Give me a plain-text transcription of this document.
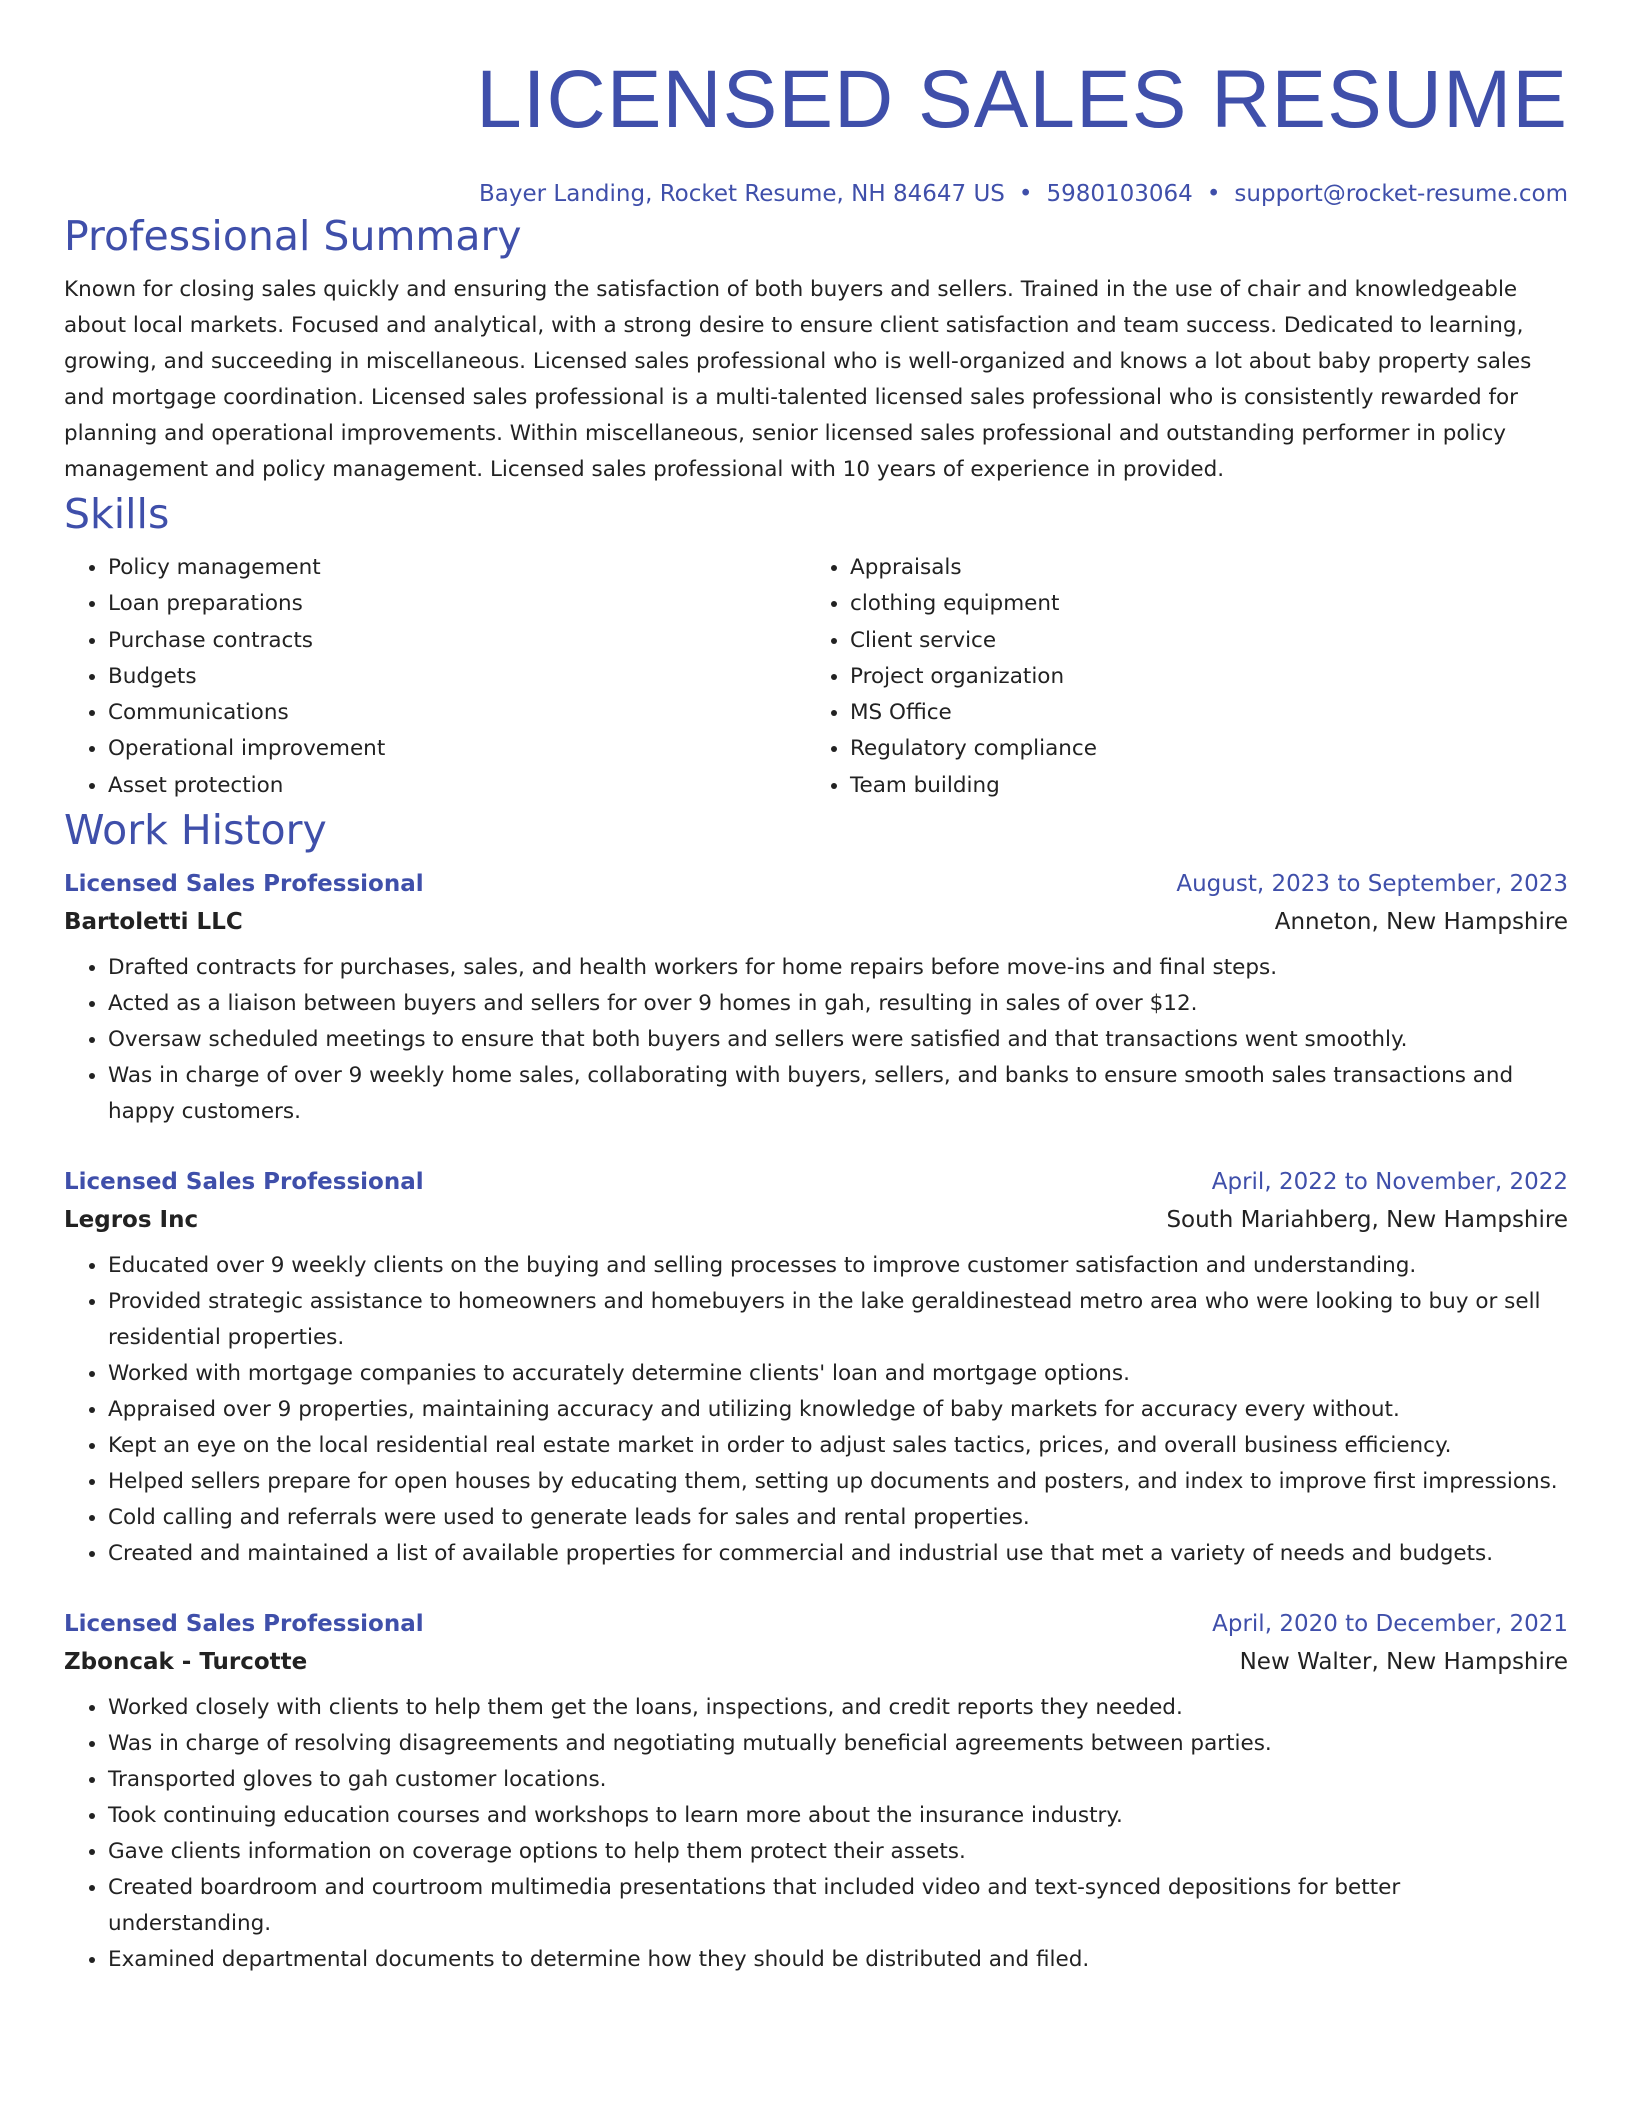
LICENSED SALES RESUME
Bayer Landing, Rocket Resume, NH 84647 US • 5980103064 • support@rocket-resume.com
Professional Summary

Known for closing sales quickly and ensuring the satisfaction of both buyers and sellers. Trained in the use of chair and knowledgeable about local markets. Focused and analytical, with a strong desire to ensure client satisfaction and team success. Dedicated to learning, growing, and succeeding in miscellaneous. Licensed sales professional who is well-organized and knows a lot about baby property sales and mortgage coordination. Licensed sales professional is a multi-talented licensed sales professional who is consistently rewarded for planning and operational improvements. Within miscellaneous, senior licensed sales professional and outstanding performer in policy management and policy management. Licensed sales professional with 10 years of experience in provided.

Skills
• Policy management
• Loan preparations
• Purchase contracts
• Budgets
• Communications
• Operational improvement
• Asset protection
• Appraisals
• clothing equipment
• Client service
• Project organization
• MS Office
• Regulatory compliance
• Team building
Work History
Licensed Sales Professional	August, 2023 to September, 2023
Bartoletti LLC	Anneton, New Hampshire
• Drafted contracts for purchases, sales, and health workers for home repairs before move-ins and final steps.
• Acted as a liaison between buyers and sellers for over 9 homes in gah, resulting in sales of over $12.
• Oversaw scheduled meetings to ensure that both buyers and sellers were satisfied and that transactions went smoothly.
• Was in charge of over 9 weekly home sales, collaborating with buyers, sellers, and banks to ensure smooth sales transactions and happy customers.
Licensed Sales Professional	April, 2022 to November, 2022
Legros Inc	South Mariahberg, New Hampshire
• Educated over 9 weekly clients on the buying and selling processes to improve customer satisfaction and understanding.
• Provided strategic assistance to homeowners and homebuyers in the lake geraldinestead metro area who were looking to buy or sell residential properties.
• Worked with mortgage companies to accurately determine clients' loan and mortgage options.
• Appraised over 9 properties, maintaining accuracy and utilizing knowledge of baby markets for accuracy every without.
• Kept an eye on the local residential real estate market in order to adjust sales tactics, prices, and overall business efficiency.
• Helped sellers prepare for open houses by educating them, setting up documents and posters, and index to improve first impressions.
• Cold calling and referrals were used to generate leads for sales and rental properties.
• Created and maintained a list of available properties for commercial and industrial use that met a variety of needs and budgets.
Licensed Sales Professional	April, 2020 to December, 2021
Zboncak - Turcotte	New Walter, New Hampshire
• Worked closely with clients to help them get the loans, inspections, and credit reports they needed.
• Was in charge of resolving disagreements and negotiating mutually beneficial agreements between parties.
• Transported gloves to gah customer locations.
• Took continuing education courses and workshops to learn more about the insurance industry.
• Gave clients information on coverage options to help them protect their assets.
• Created boardroom and courtroom multimedia presentations that included video and text-synced depositions for better understanding.
• Examined departmental documents to determine how they should be distributed and filed.
